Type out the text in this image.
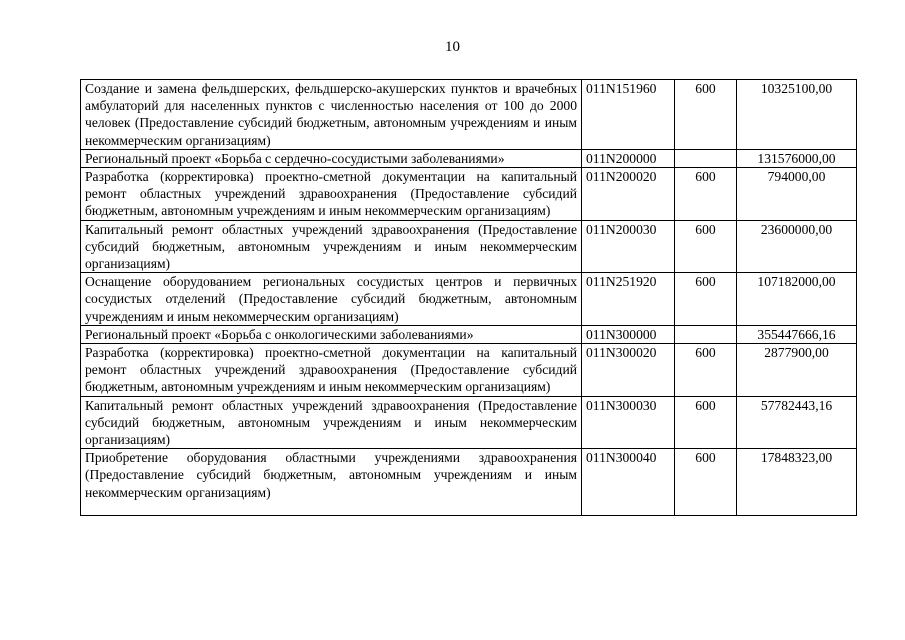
10
Создание и замена фельдшерских, фельдшерско-акушерских пунктов и врачебных амбулаторий для населенных пунктов с численностью населения от 100 до 2000 человек (Предоставление субсидий бюджетным, автономным учреждениям и иным некоммерческим организациям)	011N151960	600	10325100,00
Региональный проект «Борьба с сердечно-сосудистыми заболеваниями»	011N200000		131576000,00
Разработка (корректировка) проектно-сметной документации на капитальный ремонт областных учреждений здравоохранения (Предоставление субсидий бюджетным, автономным учреждениям и иным некоммерческим организациям)	011N200020	600	794000,00
Капитальный ремонт областных учреждений здравоохранения (Предоставление субсидий бюджетным, автономным учреждениям и иным некоммерческим организациям)	011N200030	600	23600000,00
Оснащение оборудованием региональных сосудистых центров и первичных сосудистых отделений (Предоставление субсидий бюджетным, автономным учреждениям и иным некоммерческим организациям)	011N251920	600	107182000,00
Региональный проект «Борьба с онкологическими заболеваниями»	011N300000		355447666,16
Разработка (корректировка) проектно-сметной документации на капитальный ремонт областных учреждений здравоохранения (Предоставление субсидий бюджетным, автономным учреждениям и иным некоммерческим организациям)	011N300020	600	2877900,00
Капитальный ремонт областных учреждений здравоохранения (Предоставление субсидий бюджетным, автономным учреждениям и иным некоммерческим организациям)	011N300030	600	57782443,16
Приобретение оборудования областными учреждениями здравоохранения (Предоставление субсидий бюджетным, автономным учреждениям и иным некоммерческим организациям)	011N300040	600	17848323,00
